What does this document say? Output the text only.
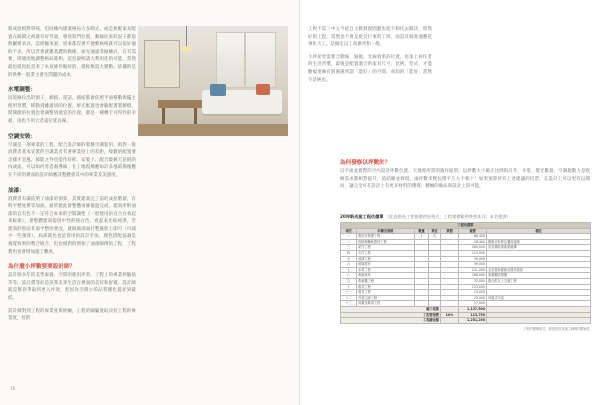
新成屋相對單純，但同棟內建案格局大多制式，或是無配家具配置在隔間之初就有好考量，導致裝門位置、動線往來狀況下都很無屬要求具，這經驗來說，原來都沒著不便動格格就可以依好個的不多，所以若會就應基礎的動線，採光通風等做檢討，在有需要，則適度地調整格局就夠，這包說明請大利用化的可能，當然最也就因此是來了本身條件做好的，就較無需大變動。依據的是的供參一般業主發生問題的成本：

水電調整：

因電線拉出的預子，網路、電話，插座都會依照平面格數與擺主使用習慣，移動到雖適切的位置，經光配置也會隨配置裝飾燈，間開燈的位置也會調整到適宜的位置，都是一種轉手可得作的幸福，再也不用大老遠拉延長線。

空調安裝：

空調是一項專業的工程，配合設計師的裝修空調裝用，則對一般消費者基本安裝的空調業者有著專業度上的差距，噪數的配置要怎樣才是風、節能之外也能作好抓：安裝上，配合最修天花板的內成面。可以如何者者處導線，在工地現場應如計多風銷場後應在不同的幾而的設計師應該整體會其中的專業及美感度。

油漆：

消費者有識依照了油漆的預算，其實建商完工前的成屋階層，有時平整度擠等加油，通常建此會整體再修復遮完成，建商所附油漆的自有色不一定符合本來的空間調性（一般使用的百合白看起來較素），會整體建商提供中性的純白色，看起來比較純淨，若建商的壁面非面平整度要改，就做做部面打整處狀土即可（可減少一些預算），局部就色也是常用的設計手法，顏色搭配協調是視覺效果的整合組合，但也相對的增加了油漆師傅的工程，工程費用也會增加施工難度。

為什麼小坪數要要設計師？

設計師多年的美學素養，空間的使用坪效，工程上的專業經驗值等等，設計費等於是該我未來生活在裡面的美好和舒適，設計師就是幫你爭取到更入坪效，把因為空間小的品質獲化提昇到最低。

設計師對到工程的專業度與經驗，工程的細膩度取決於工程的專業度，好的

16

工程不需三中五今從自主動發現問題也從不夠托去解決，問然好的工程，當然也不會是從宜行事的工班，而設計師會適應花事化大工，是擬定以工而做更和一般。

小坪屋更需要合動線，通風，光線效果的位置，再加上居住者的生活習慣，最後是配置適合的家具尺寸，比例，型式，才能勤規達擁有與處處所謂「能好」的空間，而知的「能好」當然不是純也。

為何發修以坪數計？

以平面並實際的空內設計坪數位置，天地壁所需的施作區別，以坪數大小做正比例的計升，水電、燈光數量，空調規數力是收納需求都相對提升，依結願並發現，兩坪數米輕抗積平几大不相十！如果預算狀有上述建議的投票，在設計上可以更有以開而，讓完全可在設計上有更多材料的選擇，精緻的做法與設計上的可能。

20坪新成屋工程估價單 （此表格為工程報價初步格式，工程報價範例參照本刊；本会提供）
工程估價單						
項次	名稱及規格	數量	單位	單價	複價	備註
一	假設及保護工程	1	式		68,400	
二	拆除與輔助建材工程				18,400	舊廚房拆除及牆面處理
三	泥作工程				260,000	浴室牆面重新貼磁磚
四	木作工程				113,000	
五	油漆工程				30,000	
六	玻璃材料				39,000	
七	水電工程				221,000	全室重新配線及增設插座
八	系統傢具				168,000	客餐廳收納櫃
九	系統櫃工程				32,000	窗台附以上空調工程
十	廚具工程				123,000	
十一	燈具工程				15,000	
十二	冷氣空調工程				25,000	吊隱式冷氣
十三	清潔及雜項工程				17,000	
總工程款					1,137,500	
工程管理費				10%	113,750	
工程總金額					1,251,250	
工程估價單格式，需依設計及施工師傅估價而估
